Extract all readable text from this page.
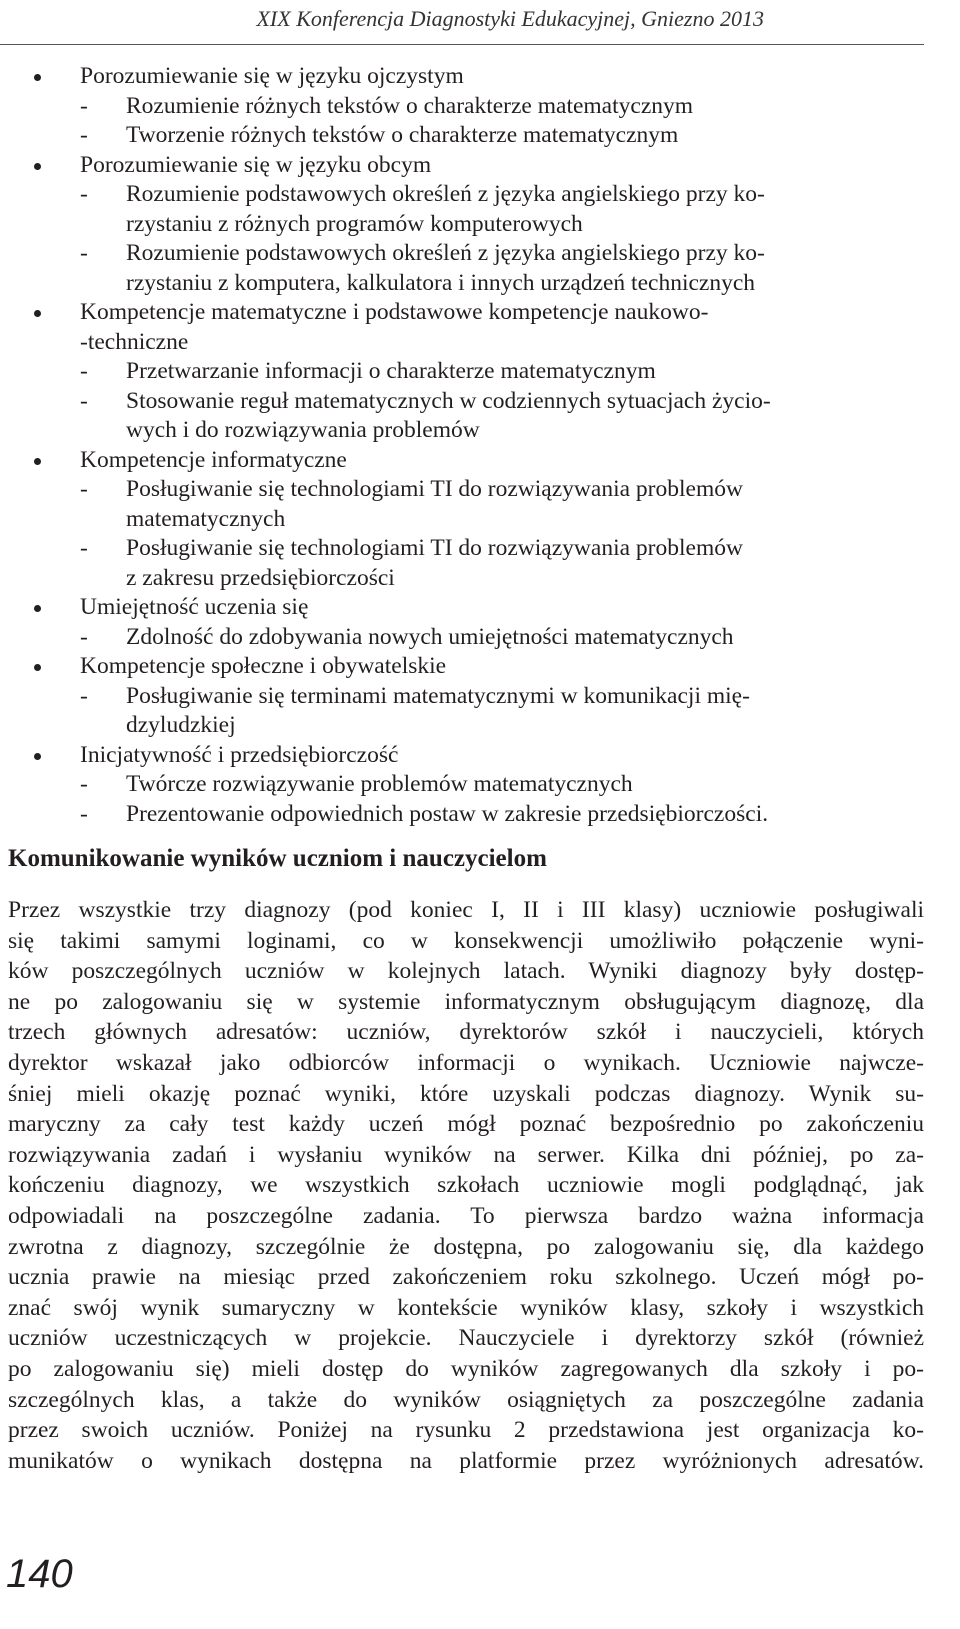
XIX Konferencja Diagnostyki Edukacyjnej, Gniezno 2013
Porozumiewanie się w języku ojczystym
- Rozumienie różnych tekstów o charakterze matematycznym
- Tworzenie różnych tekstów o charakterze matematycznym
Porozumiewanie się w języku obcym
- Rozumienie podstawowych określeń z języka angielskiego przy ko-
rzystaniu z różnych programów komputerowych
- Rozumienie podstawowych określeń z języka angielskiego przy ko-
rzystaniu z komputera, kalkulatora i innych urządzeń technicznych
Kompetencje matematyczne i podstawowe kompetencje naukowo-
-techniczne
- Przetwarzanie informacji o charakterze matematycznym
- Stosowanie reguł matematycznych w codziennych sytuacjach życio-
wych i do rozwiązywania problemów
Kompetencje informatyczne
- Posługiwanie się technologiami TI do rozwiązywania problemów
matematycznych
- Posługiwanie się technologiami TI do rozwiązywania problemów
z zakresu przedsiębiorczości
Umiejętność uczenia się
- Zdolność do zdobywania nowych umiejętności matematycznych
Kompetencje społeczne i obywatelskie
- Posługiwanie się terminami matematycznymi w komunikacji mię-
dzyludzkiej
Inicjatywność i przedsiębiorczość
- Twórcze rozwiązywanie problemów matematycznych
- Prezentowanie odpowiednich postaw w zakresie przedsiębiorczości.
Komunikowanie wyników uczniom i nauczycielom
Przez wszystkie trzy diagnozy (pod koniec I, II i III klasy) uczniowie posługiwali
się takimi samymi loginami, co w konsekwencji umożliwiło połączenie wyni-
ków poszczególnych uczniów w kolejnych latach. Wyniki diagnozy były dostęp-
ne po zalogowaniu się w systemie informatycznym obsługującym diagnozę, dla
trzech głównych adresatów: uczniów, dyrektorów szkół i nauczycieli, których
dyrektor wskazał jako odbiorców informacji o wynikach. Uczniowie najwcze-
śniej mieli okazję poznać wyniki, które uzyskali podczas diagnozy. Wynik su-
maryczny za cały test każdy uczeń mógł poznać bezpośrednio po zakończeniu
rozwiązywania zadań i wysłaniu wyników na serwer. Kilka dni później, po za-
kończeniu diagnozy, we wszystkich szkołach uczniowie mogli podglądnąć, jak
odpowiadali na poszczególne zadania. To pierwsza bardzo ważna informacja
zwrotna z diagnozy, szczególnie że dostępna, po zalogowaniu się, dla każdego
ucznia prawie na miesiąc przed zakończeniem roku szkolnego. Uczeń mógł po-
znać swój wynik sumaryczny w kontekście wyników klasy, szkoły i wszystkich
uczniów uczestniczących w projekcie. Nauczyciele i dyrektorzy szkół (również
po zalogowaniu się) mieli dostęp do wyników zagregowanych dla szkoły i po-
szczególnych klas, a także do wyników osiągniętych za poszczególne zadania
przez swoich uczniów. Poniżej na rysunku 2 przedstawiona jest organizacja ko-
munikatów o wynikach dostępna na platformie przez wyróżnionych adresatów.
140
